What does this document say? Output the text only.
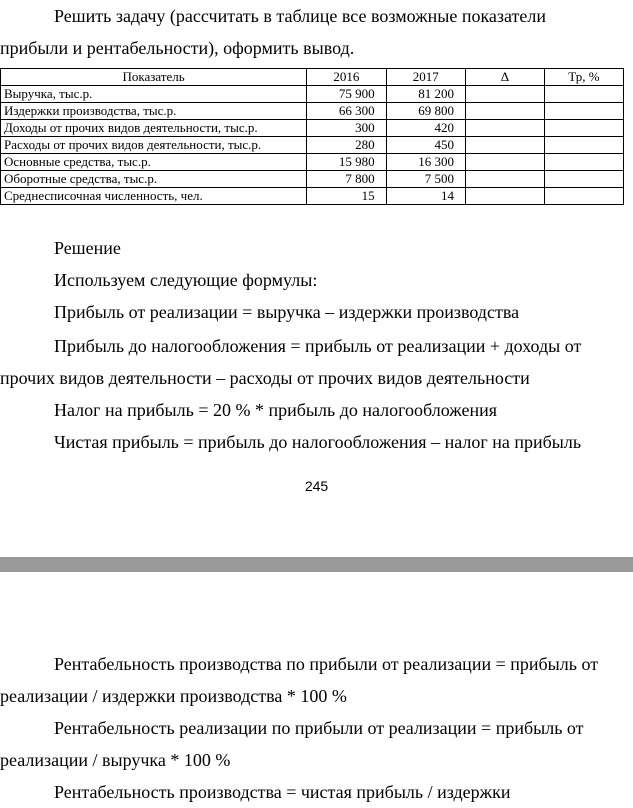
Решить задачу (рассчитать в таблице все возможные показатели

прибыли и рентабельности), оформить вывод.

Показатель	2016	2017	Δ	Тр, %
Выручка, тыс.р.	75 900	81 200		
Издержки производства, тыс.р.	66 300	69 800		
Доходы от прочих видов деятельности, тыс.р.	300	420		
Расходы от прочих видов деятельности, тыс.р.	280	450		
Основные средства, тыс.р.	15 980	16 300		
Оборотные средства, тыс.р.	7 800	7 500		
Среднесписочная численность, чел.	15	14		

Решение

Используем следующие формулы:

Прибыль от реализации = выручка – издержки производства

Прибыль до налогообложения = прибыль от реализации + доходы от

прочих видов деятельности – расходы от прочих видов деятельности

Налог на прибыль = 20 % * прибыль до налогообложения

Чистая прибыль = прибыль до налогообложения – налог на прибыль

245

Рентабельность производства по прибыли от реализации = прибыль от

реализации / издержки производства * 100 %

Рентабельность реализации по прибыли от реализации = прибыль от

реализации / выручка * 100 %

Рентабельность производства = чистая прибыль / издержки
